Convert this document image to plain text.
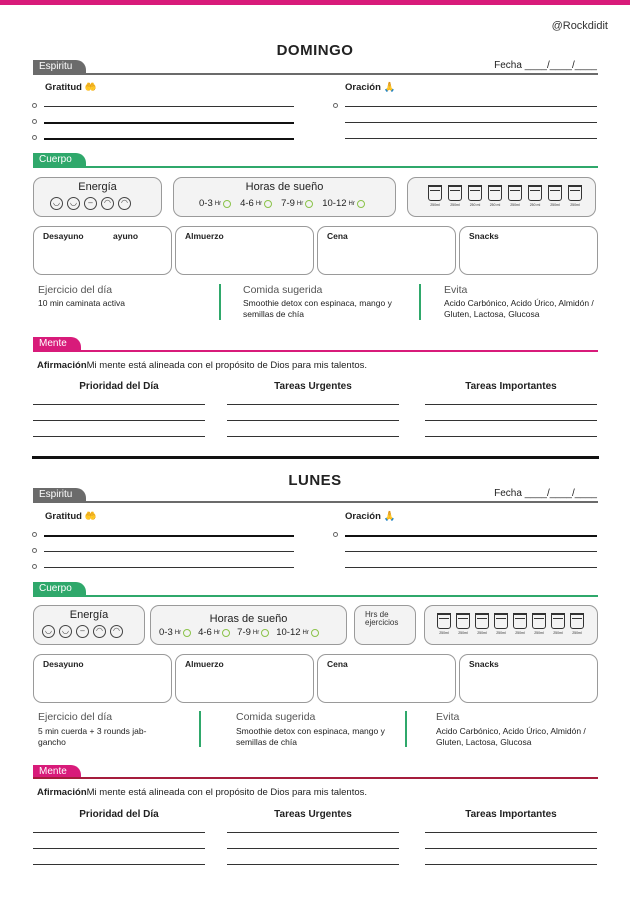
@Rockdidit
DOMINGO
Espiritu	Fecha ____/____/____
Gratitud 🤲	Oración 🙏
Cuerpo
Energía
◡	◡	–	◠	◠
Horas de sueño
0-3 Hr 4-6 Hr 7-9 Hr 10-12 Hr	250ml	250ml	250 ml	250 ml	250ml	250 ml	250ml	250ml
Desayuno	ayuno	Almuerzo	Cena	Snacks
Ejercicio del día
10 min caminata activa
Comida sugerida
Smoothie detox con espinaca, mango y semillas de chía
Evita
Acido Carbónico, Acido Úrico, Almidón / Gluten, Lactosa, Glucosa
Mente
AfirmaciónMi mente está alineada con el propósito de Dios para mis talentos.
Prioridad del Día	Tareas Urgentes	Tareas Importantes
LUNES
Espiritu	Fecha ____/____/____
Gratitud 🤲	Oración 🙏
Cuerpo
Energía
◡	◡	–	◠	◠
Horas de sueño
0-3 Hr 4-6 Hr 7-9 Hr 10-12 Hr
Hrs de ejercicios
250ml	250ml	250ml	250ml	250ml	250ml	250ml	250ml
Desayuno	Almuerzo	Cena	Snacks
Ejercicio del día
5 min cuerda + 3 rounds jab-gancho
Comida sugerida
Smoothie detox con espinaca, mango y semillas de chía
Evita
Acido Carbónico, Acido Úrico, Almidón / Gluten, Lactosa, Glucosa
Mente
AfirmaciónMi mente está alineada con el propósito de Dios para mis talentos.
Prioridad del Día	Tareas Urgentes	Tareas Importantes
